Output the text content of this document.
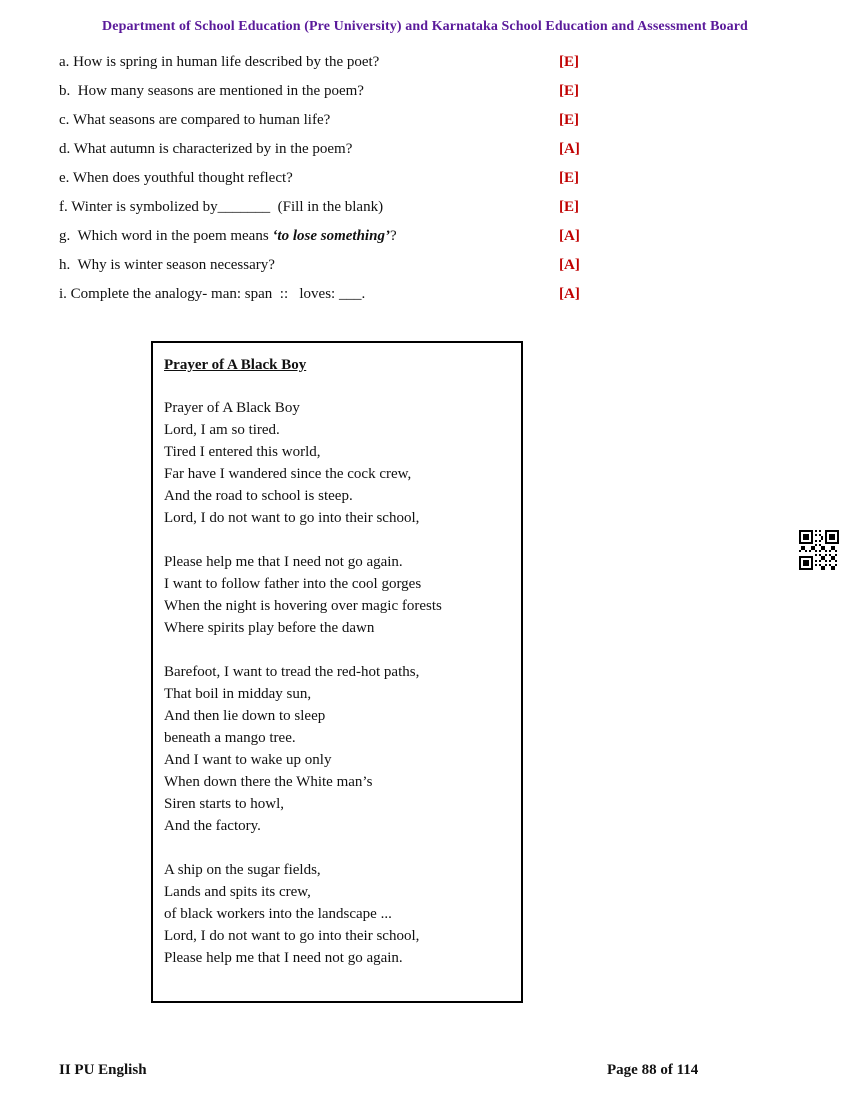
Department of School Education (Pre University) and Karnataka School Education and Assessment Board
a. How is spring in human life described by the poet?	[E]
b.  How many seasons are mentioned in the poem?	[E]
c. What seasons are compared to human life?	[E]
d. What autumn is characterized by in the poem?	[A]
e. When does youthful thought reflect?	[E]
f. Winter is symbolized by_______  (Fill in the blank)	[E]
g.  Which word in the poem means ‘to lose something’?	[A]
h.  Why is winter season necessary?	[A]
i. Complete the analogy- man: span  ::   loves: ___.	[A]
Prayer of A Black Boy
Prayer of A Black Boy
Lord, I am so tired.
Tired I entered this world,
Far have I wandered since the cock crew,
And the road to school is steep.
Lord, I do not want to go into their school,
Please help me that I need not go again.
I want to follow father into the cool gorges
When the night is hovering over magic forests
Where spirits play before the dawn
Barefoot, I want to tread the red-hot paths,
That boil in midday sun,
And then lie down to sleep
beneath a mango tree.
And I want to wake up only
When down there the White man’s
Siren starts to howl,
And the factory.
A ship on the sugar fields,
Lands and spits its crew,
of black workers into the landscape ...
Lord, I do not want to go into their school,
Please help me that I need not go again.
II PU English	Page 88 of 114
